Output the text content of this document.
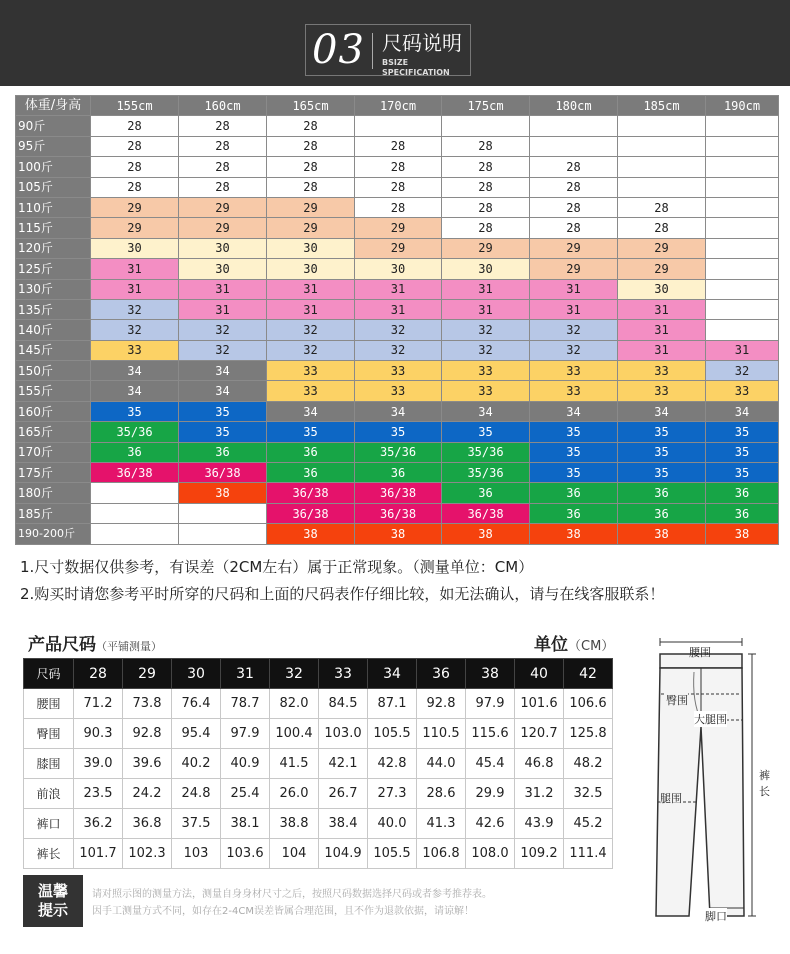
03 尺码说明
BSIZE SPECIFICATION
体重/身高	155cm	160cm	165cm	170cm	175cm	180cm	185cm	190cm
90斤	28	28	28					
95斤	28	28	28	28	28			
100斤	28	28	28	28	28	28		
105斤	28	28	28	28	28	28		
110斤	29	29	29	28	28	28	28	
115斤	29	29	29	29	28	28	28	
120斤	30	30	30	29	29	29	29	
125斤	31	30	30	30	30	29	29	
130斤	31	31	31	31	31	31	30	
135斤	32	31	31	31	31	31	31	
140斤	32	32	32	32	32	32	31	
145斤	33	32	32	32	32	32	31	31
150斤	34	34	33	33	33	33	33	32
155斤	34	34	33	33	33	33	33	33
160斤	35	35	34	34	34	34	34	34
165斤	35/36	35	35	35	35	35	35	35
170斤	36	36	36	35/36	35/36	35	35	35
175斤	36/38	36/38	36	36	35/36	35	35	35
180斤		38	36/38	36/38	36	36	36	36
185斤			36/38	36/38	36/38	36	36	36
190-200斤			38	38	38	38	38	38
1.尺寸数据仅供参考，有误差（2CM左右）属于正常现象。（测量单位：CM）
2.购买时请您参考平时所穿的尺码和上面的尺码表作仔细比较，如无法确认，请与在线客服联系！
产品尺码（平铺测量）	单位（CM）
尺码	28	29	30	31	32	33	34	36	38	40	42
腰围	71.2	73.8	76.4	78.7	82.0	84.5	87.1	92.8	97.9	101.6	106.6
臀围	90.3	92.8	95.4	97.9	100.4	103.0	105.5	110.5	115.6	120.7	125.8
膝围	39.0	39.6	40.2	40.9	41.5	42.1	42.8	44.0	45.4	46.8	48.2
前浪	23.5	24.2	24.8	25.4	26.0	26.7	27.3	28.6	29.9	31.2	32.5
裤口	36.2	36.8	37.5	38.1	38.8	38.4	40.0	41.3	42.6	43.9	45.2
裤长	101.7	102.3	103	103.6	104	104.9	105.5	106.8	108.0	109.2	111.4
温馨
提示
请对照示图的测量方法，测量自身身材尺寸之后，按照尺码数据选择尺码或者参考推荐表。
因手工测量方式不同，如存在2-4CM误差皆属合理范围，且不作为退款依据，请谅解！
腰围
臀围
大腿围
腿围
裤
长
脚口
